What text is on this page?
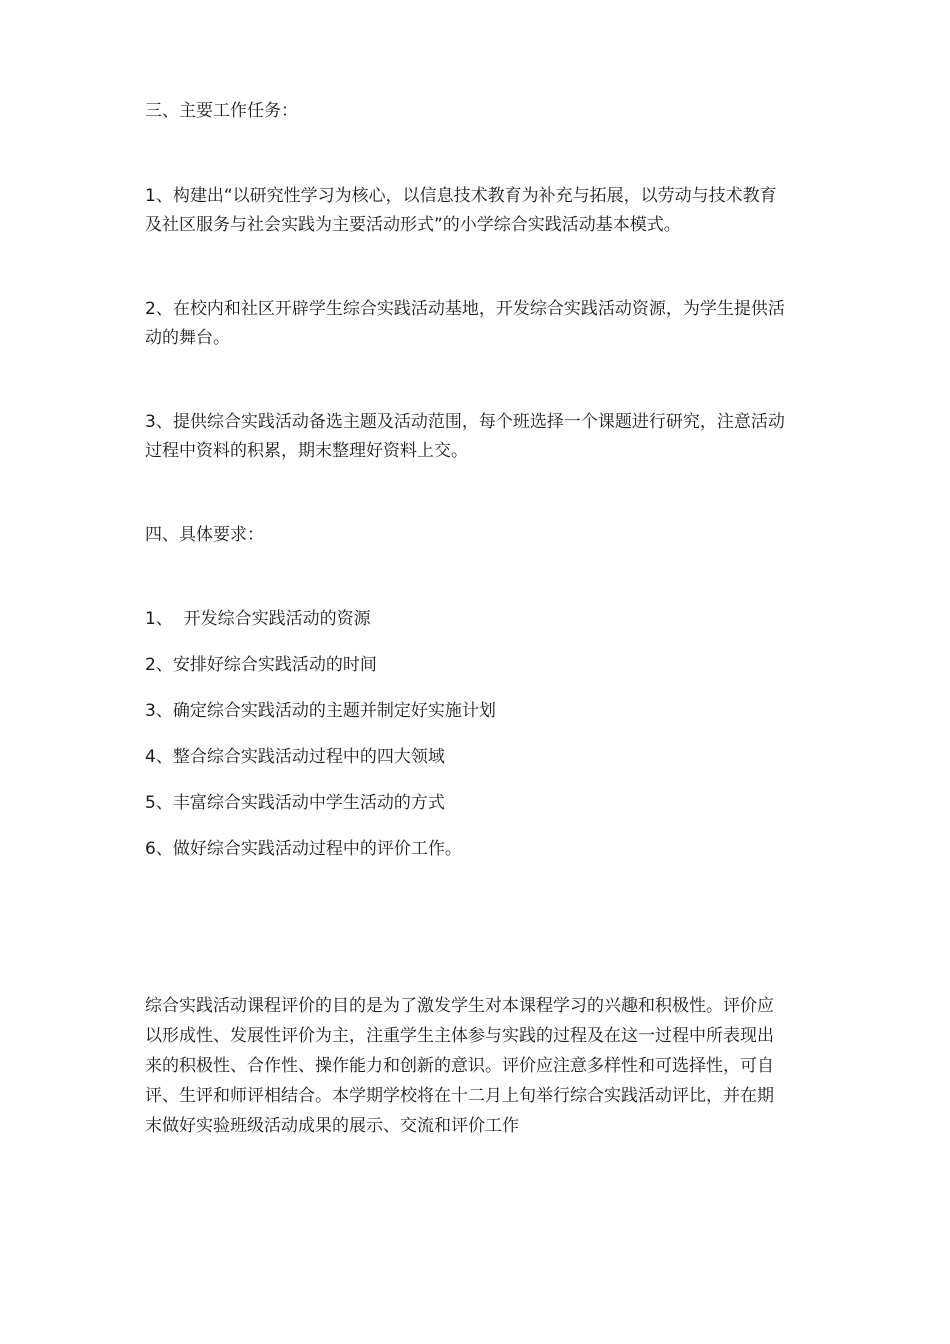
三、主要工作任务：

1、构建出“以研究性学习为核心，以信息技术教育为补充与拓展，以劳动与技术教育

及社区服务与社会实践为主要活动形式”的小学综合实践活动基本模式。

2、在校内和社区开辟学生综合实践活动基地，开发综合实践活动资源，为学生提供活

动的舞台。

3、提供综合实践活动备选主题及活动范围，每个班选择一个课题进行研究，注意活动

过程中资料的积累，期末整理好资料上交。

四、具体要求：

1、  开发综合实践活动的资源

2、安排好综合实践活动的时间

3、确定综合实践活动的主题并制定好实施计划

4、整合综合实践活动过程中的四大领域

5、丰富综合实践活动中学生活动的方式

6、做好综合实践活动过程中的评价工作。

综合实践活动课程评价的目的是为了激发学生对本课程学习的兴趣和积极性。评价应

以形成性、发展性评价为主，注重学生主体参与实践的过程及在这一过程中所表现出

来的积极性、合作性、操作能力和创新的意识。评价应注意多样性和可选择性，可自

评、生评和师评相结合。本学期学校将在十二月上旬举行综合实践活动评比，并在期

末做好实验班级活动成果的展示、交流和评价工作
